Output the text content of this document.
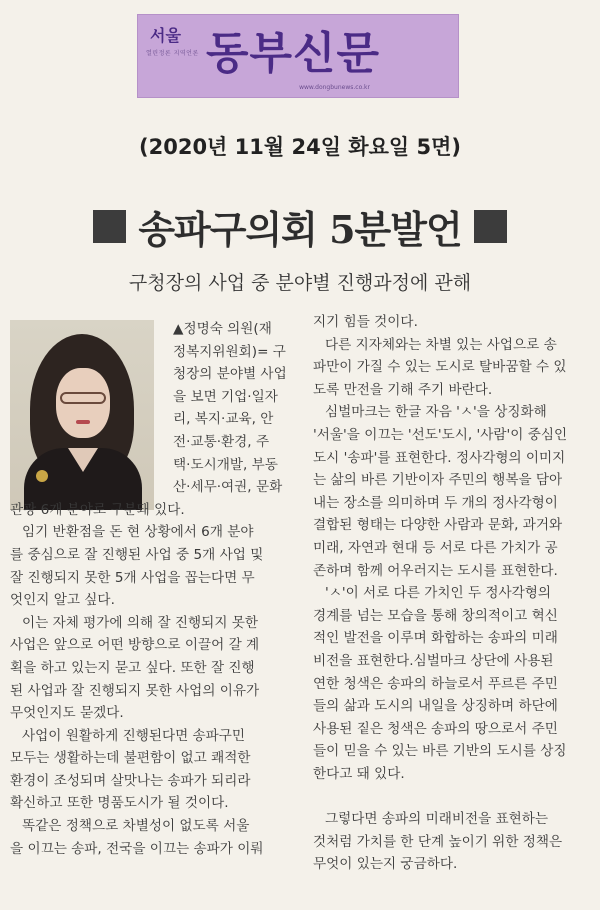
서울
열린정론 지역언론 동부신문
www.dongbunews.co.kr
(2020년 11월 24일 화요일 5면)
송파구의회 5분발언
구청장의 사업 중 분야별 진행과정에 관해
▲정명숙 의원(재
정복지위원회)= 구
청장의 분야별 사업
을 보면 기업·일자
리, 복지·교육, 안
전·교통·환경, 주
택·도시개발, 부동
산·세무·여권, 문화
관광 6개 분야로 구분돼 있다.
임기 반환점을 돈 현 상황에서 6개 분야
를 중심으로 잘 진행된 사업 중 5개 사업 및
잘 진행되지 못한 5개 사업을 꼽는다면 무
엇인지 알고 싶다.
이는 자체 평가에 의해 잘 진행되지 못한
사업은 앞으로 어떤 방향으로 이끌어 갈 계
획을 하고 있는지 묻고 싶다. 또한 잘 진행
된 사업과 잘 진행되지 못한 사업의 이유가
무엇인지도 묻겠다.
사업이 원활하게 진행된다면 송파구민
모두는 생활하는데 불편함이 없고 쾌적한
환경이 조성되며 살맛나는 송파가 되리라
확신하고 또한 명품도시가 될 것이다.
똑같은 정책으로 차별성이 없도록 서울
을 이끄는 송파, 전국을 이끄는 송파가 이뤄
지기 힘들 것이다.
다른 지자체와는 차별 있는 사업으로 송
파만이 가질 수 있는 도시로 탈바꿈할 수 있
도록 만전을 기해 주기 바란다.
심벌마크는 한글 자음 'ㅅ'을 상징화해
'서울'을 이끄는 '선도'도시, '사람'이 중심인
도시 '송파'를 표현한다. 정사각형의 이미지
는 삶의 바른 기반이자 주민의 행복을 담아
내는 장소를 의미하며 두 개의 정사각형이
결합된 형태는 다양한 사람과 문화, 과거와
미래, 자연과 현대 등 서로 다른 가치가 공
존하며 함께 어우러지는 도시를 표현한다.
'ㅅ'이 서로 다른 가치인 두 정사각형의
경계를 넘는 모습을 통해 창의적이고 혁신
적인 발전을 이루며 화합하는 송파의 미래
비전을 표현한다.심벌마크 상단에 사용된
연한 청색은 송파의 하늘로서 푸르른 주민
들의 삶과 도시의 내일을 상징하며 하단에
사용된 짙은 청색은 송파의 땅으로서 주민
들이 믿을 수 있는 바른 기반의 도시를 상징
한다고 돼 있다.
그렇다면 송파의 미래비전을 표현하는
것처럼 가치를 한 단계 높이기 위한 정책은
무엇이 있는지 궁금하다.
